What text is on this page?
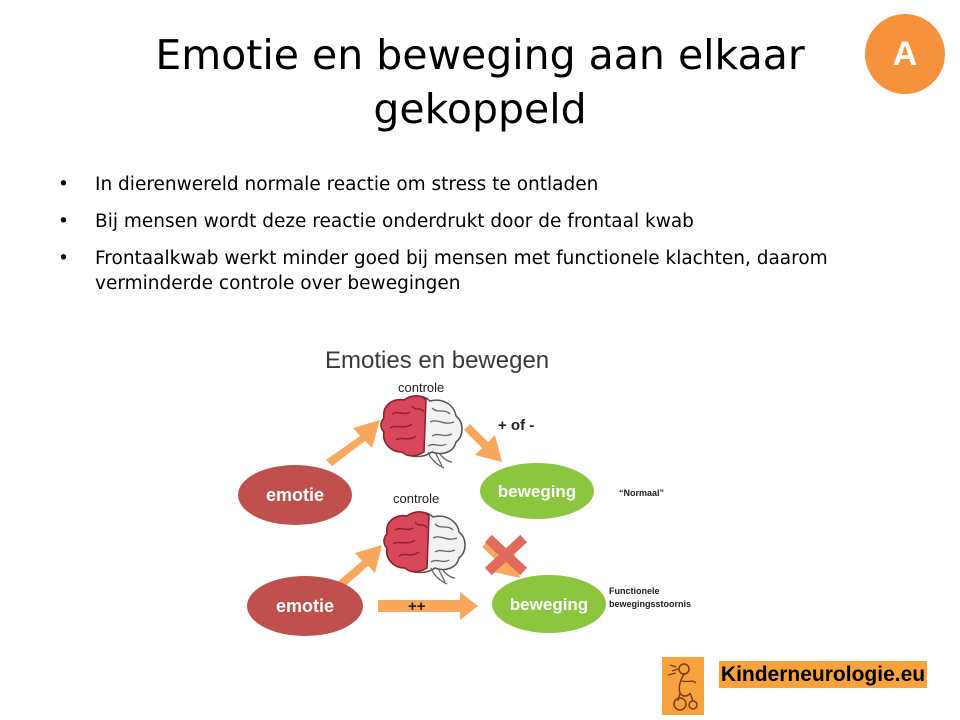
Emotie en beweging aan elkaar
gekoppeld
A
• In dierenwereld normale reactie om stress te ontladen
• Bij mensen wordt deze reactie onderdrukt door de frontaal kwab
• Frontaalkwab werkt minder goed bij mensen met functionele klachten, daarom verminderde controle over bewegingen
Emoties en bewegen
controle
+ of -
emotie	beweging	“Normaal”
controle
++
emotie	beweging
Functionele
bewegingsstoornis
Kinderneurologie.eu
